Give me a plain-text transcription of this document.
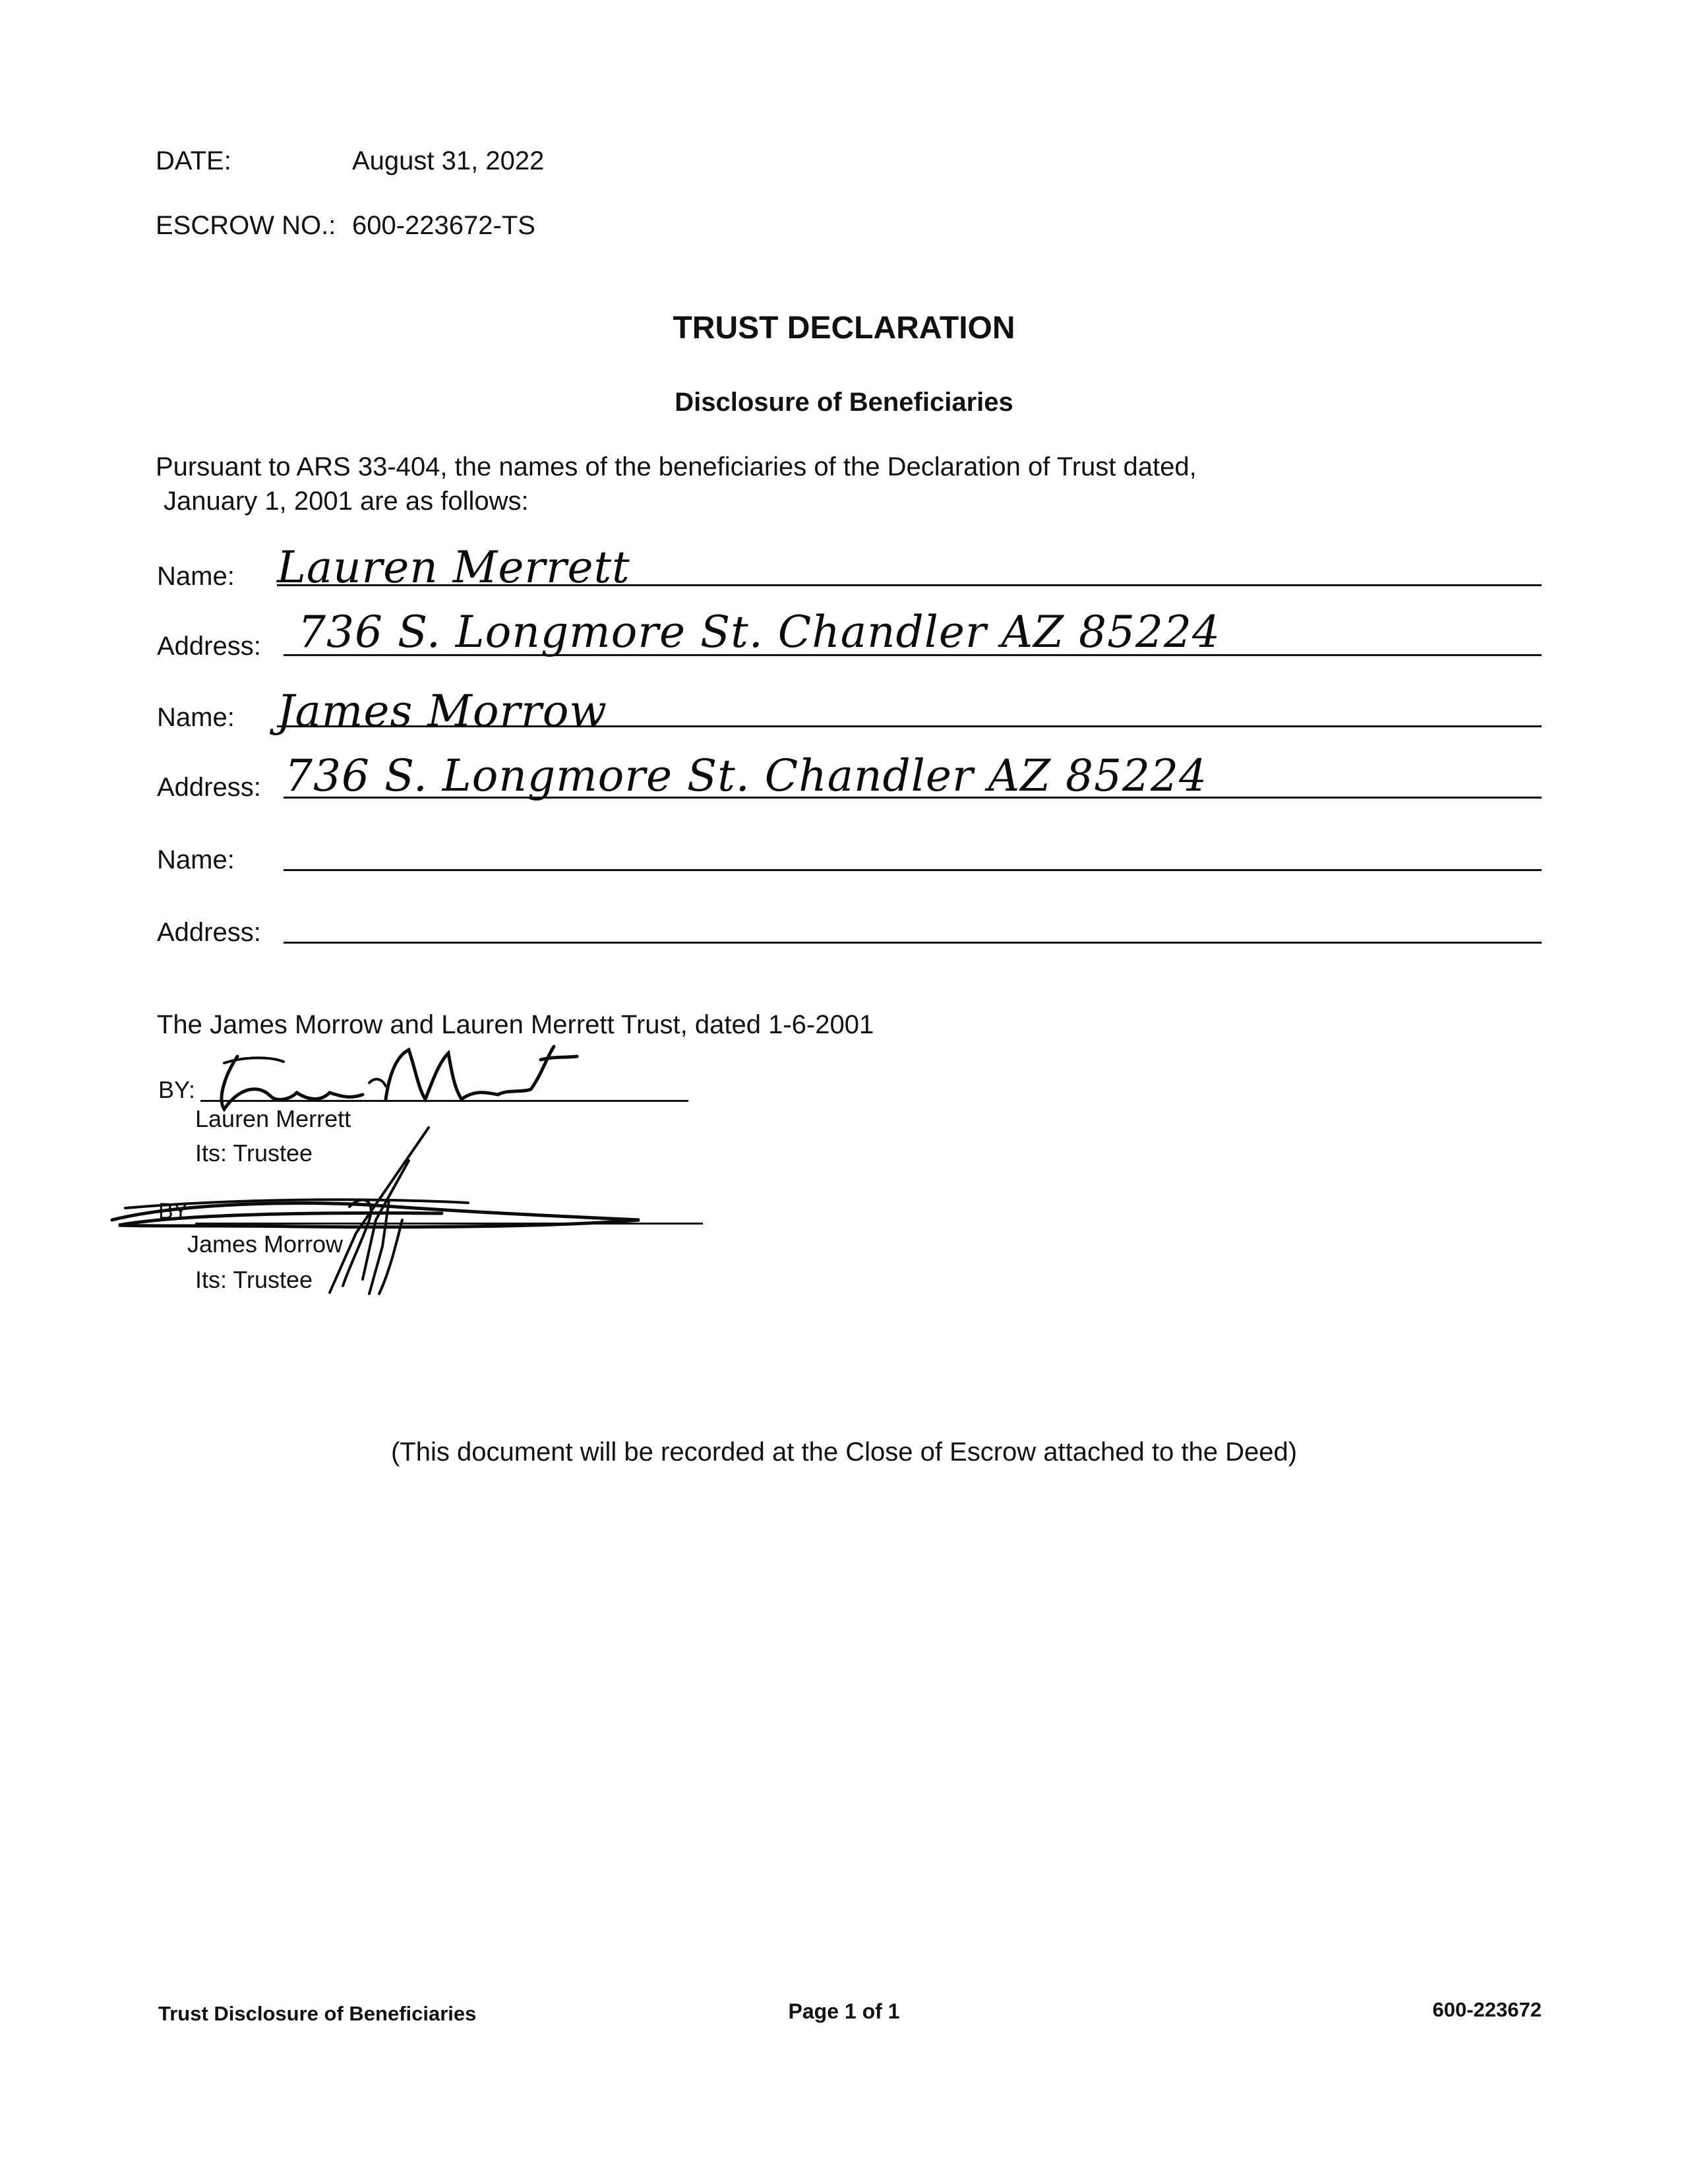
DATE:	August 31, 2022
ESCROW NO.: 600-223672-TS
TRUST DECLARATION
Disclosure of Beneficiaries
Pursuant to ARS 33-404, the names of the beneficiaries of the Declaration of Trust dated,
January 1, 2001 are as follows:
Name: Lauren Merrett
Address: 736 S. Longmore St. Chandler AZ 85224
Name: James Morrow
Address: 736 S. Longmore St. Chandler AZ 85224
Name:
Address:
The James Morrow and Lauren Merrett Trust, dated 1-6-2001
BY:
Lauren Merrett
Its: Trustee
BY:
James Morrow
Its: Trustee
(This document will be recorded at the Close of Escrow attached to the Deed)
Trust Disclosure of Beneficiaries	Page 1 of 1	600-223672
